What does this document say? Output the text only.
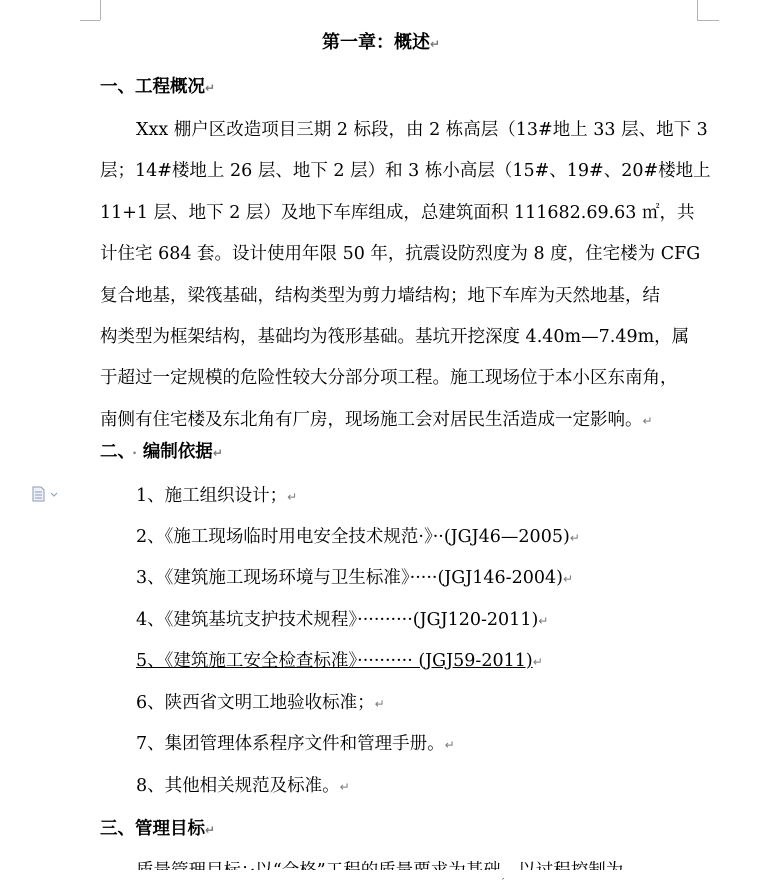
第一章：概述↵
一、工程概况↵
Xxx 棚户区改造项目三期 2 标段，由 2 栋高层（13#地上 33 层、地下 3
层；14#楼地上 26 层、地下 2 层）和 3 栋小高层（15#、19#、20#楼地上
11+1 层、地下 2 层）及地下车库组成，总建筑面积 111682.69.63 ㎡，共
计住宅 684 套。设计使用年限 50 年，抗震设防烈度为 8 度，住宅楼为 CFG
复合地基，梁筏基础，结构类型为剪力墙结构；地下车库为天然地基，结
构类型为框架结构，基础均为筏形基础。基坑开挖深度 4.40m—7.49m，属
于超过一定规模的危险性较大分部分项工程。施工现场位于本小区东南角，
南侧有住宅楼及东北角有厂房，现场施工会对居民生活造成一定影响。↵
二、 · 编制依据↵
1、施工组织设计；↵
2、《施工现场临时用电安全技术规范·》··(JGJ46—2005)↵
3、《建筑施工现场环境与卫生标准》·····(JGJ146-2004)↵
4、《建筑基坑支护技术规程》··········(JGJ120-2011)↵
5、《建筑施工安全检查标准》·········· (JGJ59-2011)↵
6、陕西省文明工地验收标准；↵
7、集团管理体系程序文件和管理手册。↵
8、其他相关规范及标准。↵
三、管理目标↵
